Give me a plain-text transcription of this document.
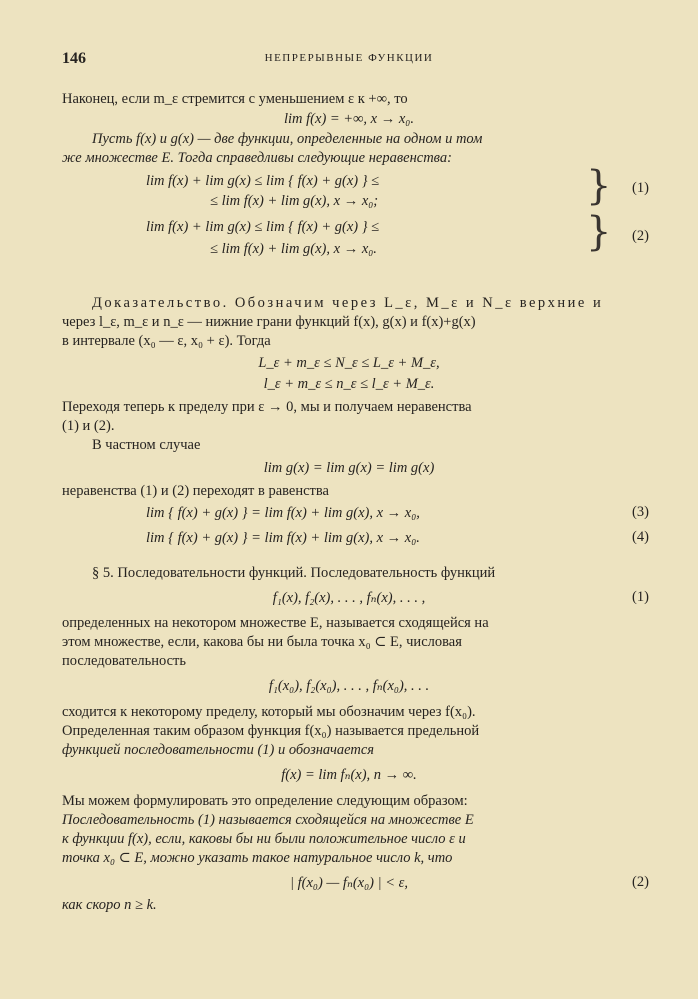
146	НЕПРЕРЫВНЫЕ ФУНКЦИИ
Наконец, если m_ε стремится с уменьшением ε к +∞, то
lim f(x) = +∞, x → x₀.
Пусть f(x) и g(x) — две функции, определенные на одном и том
же множестве E. Тогда справедливы следующие неравенства:
lim f(x) + lim g(x) ≤ lim { f(x) + g(x) } ≤
≤ lim f(x) + lim g(x), x → x₀;	} (1)
lim f(x) + lim g(x) ≤ lim { f(x) + g(x) } ≤
≤ lim f(x) + lim g(x), x → x₀.	} (2)
Доказательство. Обозначим через L_ε, M_ε и N_ε верхние и
через l_ε, m_ε и n_ε — нижние грани функций f(x), g(x) и f(x)+g(x)
в интервале (x₀ — ε, x₀ + ε). Тогда
L_ε + m_ε ≤ N_ε ≤ L_ε + M_ε,
l_ε + m_ε ≤ n_ε ≤ l_ε + M_ε.
Переходя теперь к пределу при ε → 0, мы и получаем неравенства
(1) и (2).
В частном случае
lim g(x) = lim g(x) = lim g(x)
неравенства (1) и (2) переходят в равенства
lim { f(x) + g(x) } = lim f(x) + lim g(x), x → x₀,	(3)
lim { f(x) + g(x) } = lim f(x) + lim g(x), x → x₀.	(4)
§ 5. Последовательности функций. Последовательность функций
f₁(x), f₂(x), . . . , fₙ(x), . . . ,	(1)
определенных на некотором множестве E, называется сходящейся на
этом множестве, если, какова бы ни была точка x₀ ⊂ E, числовая
последовательность
f₁(x₀), f₂(x₀), . . . , fₙ(x₀), . . .
сходится к некоторому пределу, который мы обозначим через f(x₀).
Определенная таким образом функция f(x₀) называется предельной
функцией последовательности (1) и обозначается
f(x) = lim fₙ(x), n → ∞.
Мы можем формулировать это определение следующим образом:
Последовательность (1) называется сходящейся на множестве E
к функции f(x), если, каковы бы ни были положительное число ε и
точка x₀ ⊂ E, можно указать такое натуральное число k, что
| f(x₀) — fₙ(x₀) | < ε,	(2)
как скоро n ≥ k.
